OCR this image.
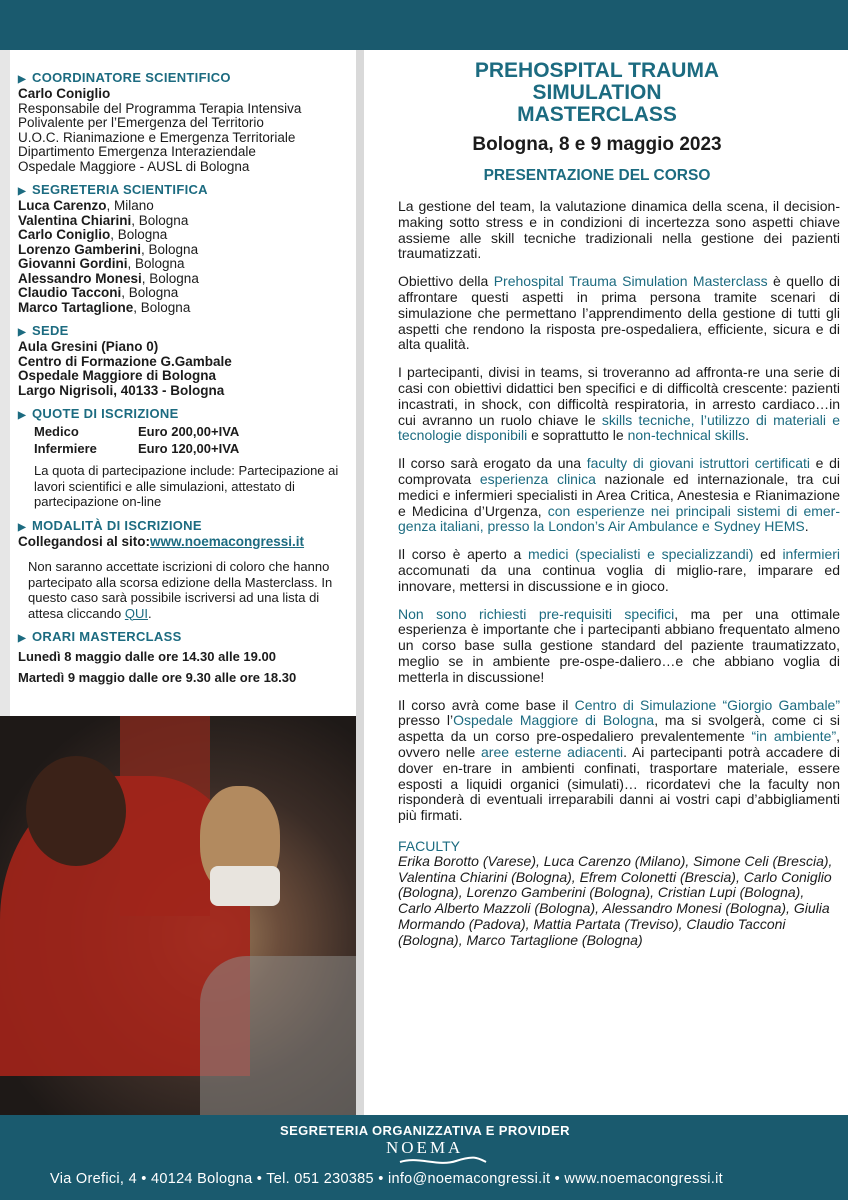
▶ COORDINATORE SCIENTIFICO
Carlo Coniglio
Responsabile del Programma Terapia Intensiva
Polivalente per l’Emergenza del Territorio
U.O.C. Rianimazione e Emergenza Territoriale
Dipartimento Emergenza Interaziendale
Ospedale Maggiore - AUSL di Bologna
▶ SEGRETERIA SCIENTIFICA
Luca Carenzo, Milano
Valentina Chiarini, Bologna
Carlo Coniglio, Bologna
Lorenzo Gamberini, Bologna
Giovanni Gordini, Bologna
Alessandro Monesi, Bologna
Claudio Tacconi, Bologna
Marco Tartaglione, Bologna
▶ SEDE
Aula Gresini (Piano 0)
Centro di Formazione G.Gambale
Ospedale Maggiore di Bologna
Largo Nigrisoli, 40133 - Bologna
▶ QUOTE DI ISCRIZIONE
Medico	Euro 200,00+IVA
Infermiere	Euro 120,00+IVA
La quota di partecipazione include: Partecipazione ai lavori scientifici e alle simulazioni, attestato di partecipazione on-line
▶ MODALITÀ DI ISCRIZIONE
Collegandosi al sito:www.noemacongressi.it
Non saranno accettate iscrizioni di coloro che hanno partecipato alla scorsa edizione della Masterclass. In questo caso sarà possibile iscriversi ad una lista di attesa cliccando QUI.
▶ ORARI MASTERCLASS
Lunedì 8 maggio dalle ore 14.30 alle 19.00
Martedì 9 maggio dalle ore 9.30 alle ore 18.30
PREHOSPITAL TRAUMA
SIMULATION
MASTERCLASS
Bologna, 8 e 9 maggio 2023
PRESENTAZIONE DEL CORSO
La gestione del team, la valutazione dinamica della scena, il decision-making sotto stress e in condizioni di incertezza sono aspetti chiave assieme alle skill tecniche tradizionali nella gestione dei pazienti traumatizzati.
Obiettivo della Prehospital Trauma Simulation Masterclass è quello di affrontare questi aspetti in prima persona tramite scenari di simulazione che permettano l’apprendimento della gestione di tutti gli aspetti che rendono la risposta pre-ospedaliera, efficiente, sicura e di alta qualità.
I partecipanti, divisi in teams, si troveranno ad affronta-re una serie di casi con obiettivi didattici ben specifici e di difficoltà crescente: pazienti incastrati, in shock, con difficoltà respiratoria, in arresto cardiaco…in cui avranno un ruolo chiave le skills tecniche, l’utilizzo di materiali e tecnologie disponibili e soprattutto le non-technical skills.
Il corso sarà erogato da una faculty di giovani istruttori certificati e di comprovata esperienza clinica nazionale ed internazionale, tra cui medici e infermieri specialisti in Area Critica, Anestesia e Rianimazione e Medicina d’Urgenza, con esperienze nei principali sistemi di emer-genza italiani, presso la London’s Air Ambulance e Sydney HEMS.
Il corso è aperto a medici (specialisti e specializzandi) ed infermieri accomunati da una continua voglia di miglio-rare, imparare ed innovare, mettersi in discussione e in gioco.
Non sono richiesti pre-requisiti specifici, ma per una ottimale esperienza è importante che i partecipanti abbiano frequentato almeno un corso base sulla gestione standard del paziente traumatizzato, meglio se in ambiente pre-ospe-daliero…e che abbiano voglia di metterla in discussione!
Il corso avrà come base il Centro di Simulazione “Giorgio Gambale” presso l’Ospedale Maggiore di Bologna, ma si svolgerà, come ci si aspetta da un corso pre-ospedaliero prevalentemente “in ambiente”, ovvero nelle aree esterne adiacenti. Ai partecipanti potrà accadere di dover en-trare in ambienti confinati, trasportare materiale, essere esposti a liquidi organici (simulati)… ricordatevi che la faculty non risponderà di eventuali irreparabili danni ai vostri capi d’abbigliamenti più firmati.
FACULTY
Erika Borotto (Varese), Luca Carenzo (Milano), Simone Celi (Brescia), Valentina Chiarini (Bologna), Efrem Colonetti (Brescia), Carlo Coniglio (Bologna), Lorenzo Gamberini (Bologna), Cristian Lupi (Bologna), Carlo Alberto Mazzoli (Bologna), Alessandro Monesi (Bologna), Giulia Mormando (Padova), Mattia Partata (Treviso), Claudio Tacconi (Bologna), Marco Tartaglione (Bologna)
SEGRETERIA ORGANIZZATIVA E PROVIDER
NOEMA
Via Orefici, 4 • 40124 Bologna • Tel. 051 230385 • info@noemacongressi.it • www.noemacongressi.it
